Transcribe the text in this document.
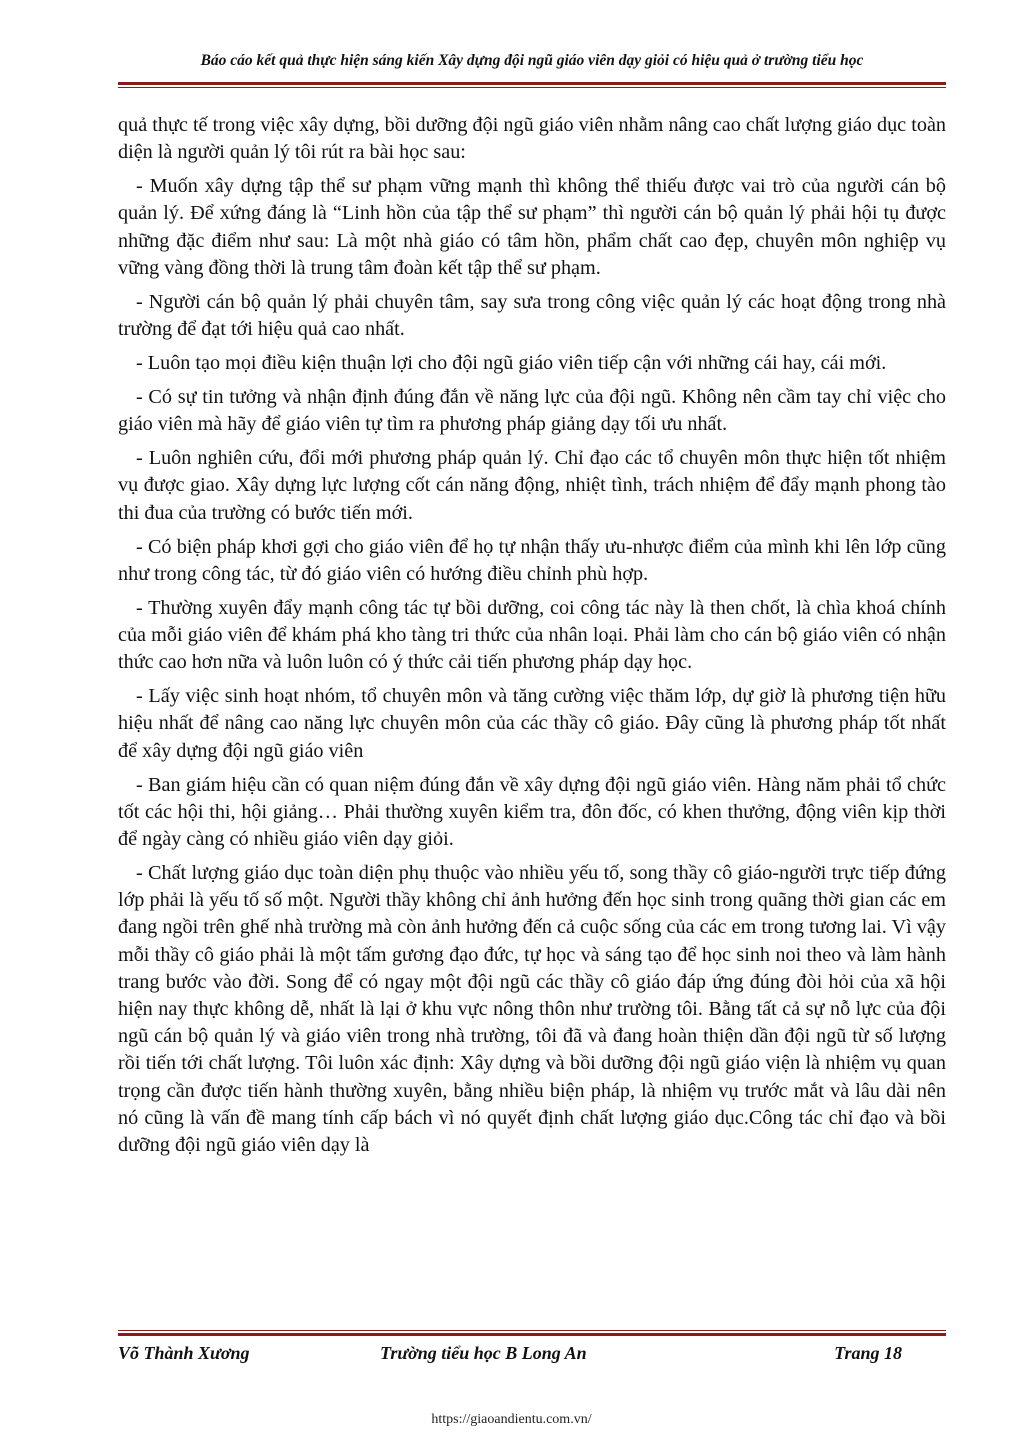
Báo cáo kết quả thực hiện sáng kiến Xây dựng đội ngũ giáo viên dạy giỏi có hiệu quả ở trường tiểu học

quả thực tế trong việc xây dựng, bồi dưỡng đội ngũ giáo viên nhằm nâng cao chất lượng giáo dục toàn diện là người quản lý tôi rút ra bài học sau:

- Muốn xây dựng tập thể sư phạm vững mạnh thì không thể thiếu được vai trò của người cán bộ quản lý. Để xứng đáng là “Linh hồn của tập thể sư phạm” thì người cán bộ quản lý phải hội tụ được những đặc điểm như sau: Là một nhà giáo có tâm hồn, phẩm chất cao đẹp, chuyên môn nghiệp vụ vững vàng đồng thời là trung tâm đoàn kết tập thể sư phạm.

- Người cán bộ quản lý phải chuyên tâm, say sưa trong công việc quản lý các hoạt động trong nhà trường để đạt tới hiệu quả cao nhất.

- Luôn tạo mọi điều kiện thuận lợi cho đội ngũ giáo viên tiếp cận với những cái hay, cái mới.

- Có sự tin tưởng và nhận định đúng đắn về năng lực của đội ngũ. Không nên cầm tay chỉ việc cho giáo viên mà hãy để giáo viên tự tìm ra phương pháp giảng dạy tối ưu nhất.

- Luôn nghiên cứu, đổi mới phương pháp quản lý. Chỉ đạo các tổ chuyên môn thực hiện tốt nhiệm vụ được giao. Xây dựng lực lượng cốt cán năng động, nhiệt tình, trách nhiệm để đẩy mạnh phong tào thi đua của trường có bước tiến mới.

- Có biện pháp khơi gợi cho giáo viên để họ tự nhận thấy ưu-nhược điểm của mình khi lên lớp cũng như trong công tác, từ đó giáo viên có hướng điều chỉnh phù hợp.

- Thường xuyên đẩy mạnh công tác tự bồi dưỡng, coi công tác này là then chốt, là chìa khoá chính của mỗi giáo viên để khám phá kho tàng tri thức của nhân loại. Phải làm cho cán bộ giáo viên có nhận thức cao hơn nữa và luôn luôn có ý thức cải tiến phương pháp dạy học.

- Lấy việc sinh hoạt nhóm, tổ chuyên môn và tăng cường việc thăm lớp, dự giờ là phương tiện hữu hiệu nhất để nâng cao năng lực chuyên môn của các thầy cô giáo. Đây cũng là phương pháp tốt nhất để xây dựng đội ngũ giáo viên

- Ban giám hiệu cần có quan niệm đúng đắn về xây dựng đội ngũ giáo viên. Hàng năm phải tổ chức tốt các hội thi, hội giảng… Phải thường xuyên kiểm tra, đôn đốc, có khen thưởng, động viên kịp thời để ngày càng có nhiều giáo viên dạy giỏi.

- Chất lượng giáo dục toàn diện phụ thuộc vào nhiều yếu tố, song thầy cô giáo-người trực tiếp đứng lớp phải là yếu tố số một. Người thầy không chỉ ảnh hưởng đến học sinh trong quãng thời gian các em đang ngồi trên ghế nhà trường mà còn ảnh hưởng đến cả cuộc sống của các em trong tương lai. Vì vậy mỗi thầy cô giáo phải là một tấm gương đạo đức, tự học và sáng tạo để học sinh noi theo và làm hành trang bước vào đời. Song để có ngay một đội ngũ các thầy cô giáo đáp ứng đúng đòi hỏi của xã hội hiện nay thực không dễ, nhất là lại ở khu vực nông thôn như trường tôi. Bằng tất cả sự nỗ lực của đội ngũ cán bộ quản lý và giáo viên trong nhà trường, tôi đã và đang hoàn thiện dần đội ngũ từ số lượng rồi tiến tới chất lượng. Tôi luôn xác định: Xây dựng và bồi dưỡng đội ngũ giáo viện là nhiệm vụ quan trọng cần được tiến hành thường xuyên, bằng nhiều biện pháp, là nhiệm vụ trước mắt và lâu dài nên nó cũng là vấn đề mang tính cấp bách vì nó quyết định chất lượng giáo dục.Công tác chỉ đạo và bồi dưỡng đội ngũ giáo viên dạy là

Võ Thành Xương	Trường tiểu học B Long An	Trang 18
https://giaoandientu.com.vn/
